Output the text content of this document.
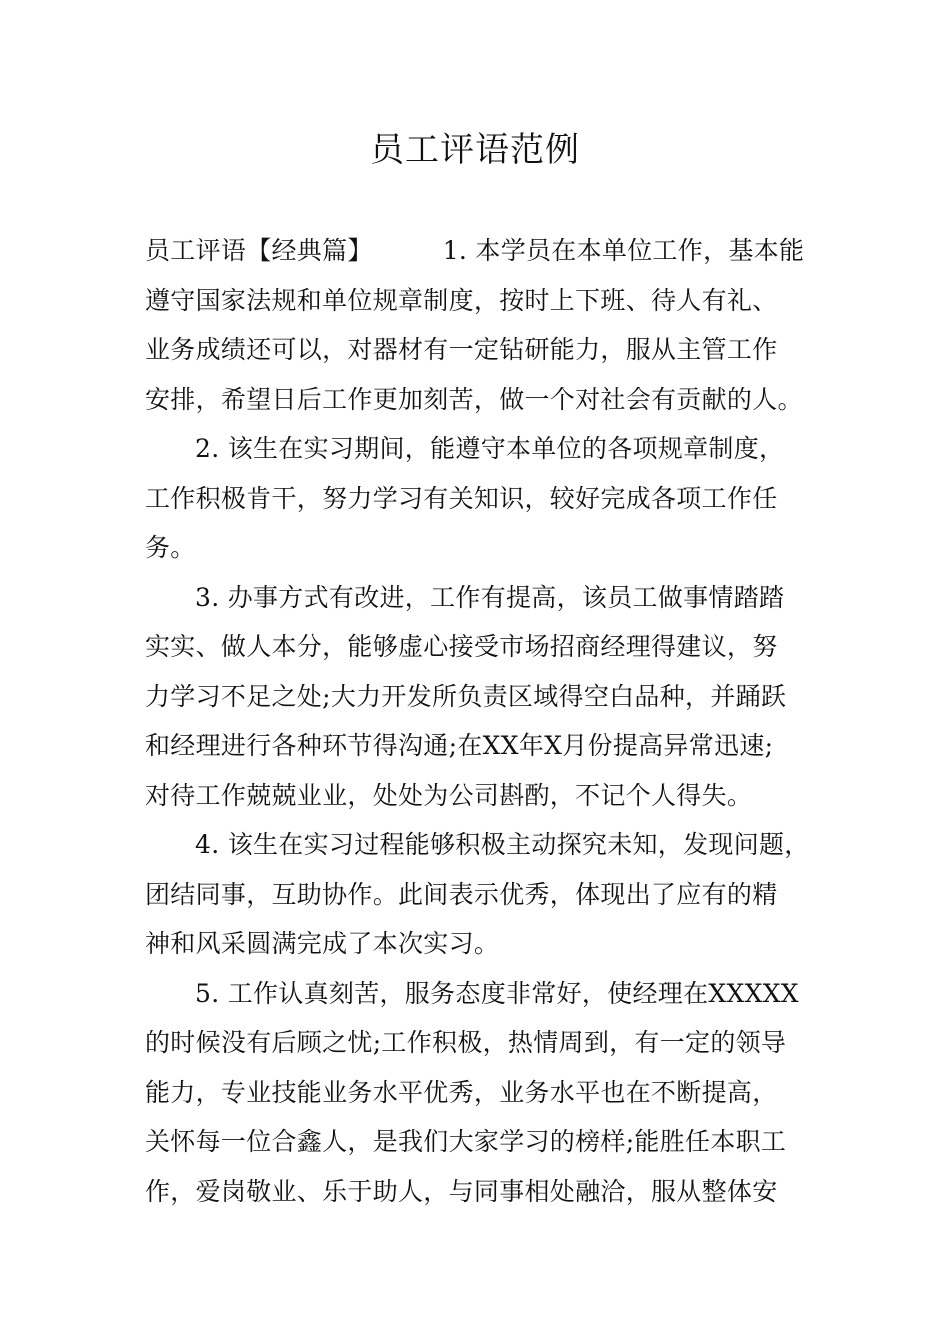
员工评语范例
员工评语【经典篇】	1. 本学员在本单位工作，基本能
遵守国家法规和单位规章制度，按时上下班、待人有礼、
业务成绩还可以，对器材有一定钻研能力，服从主管工作
安排，希望日后工作更加刻苦，做一个对社会有贡献的人。
2. 该生在实习期间，能遵守本单位的各项规章制度，
工作积极肯干，努力学习有关知识，较好完成各项工作任
务。
3. 办事方式有改进，工作有提高，该员工做事情踏踏
实实、做人本分，能够虚心接受市场招商经理得建议，努
力学习不足之处;大力开发所负责区域得空白品种，并踊跃
和经理进行各种环节得沟通;在XX年X月份提高异常迅速;
对待工作兢兢业业，处处为公司斟酌，不记个人得失。
4. 该生在实习过程能够积极主动探究未知，发现问题，
团结同事，互助协作。此间表示优秀，体现出了应有的精
神和风采圆满完成了本次实习。
5. 工作认真刻苦，服务态度非常好，使经理在XXXXX
的时候没有后顾之忧;工作积极，热情周到，有一定的领导
能力，专业技能业务水平优秀，业务水平也在不断提高，
关怀每一位合鑫人，是我们大家学习的榜样;能胜任本职工
作，爱岗敬业、乐于助人，与同事相处融洽，服从整体安
